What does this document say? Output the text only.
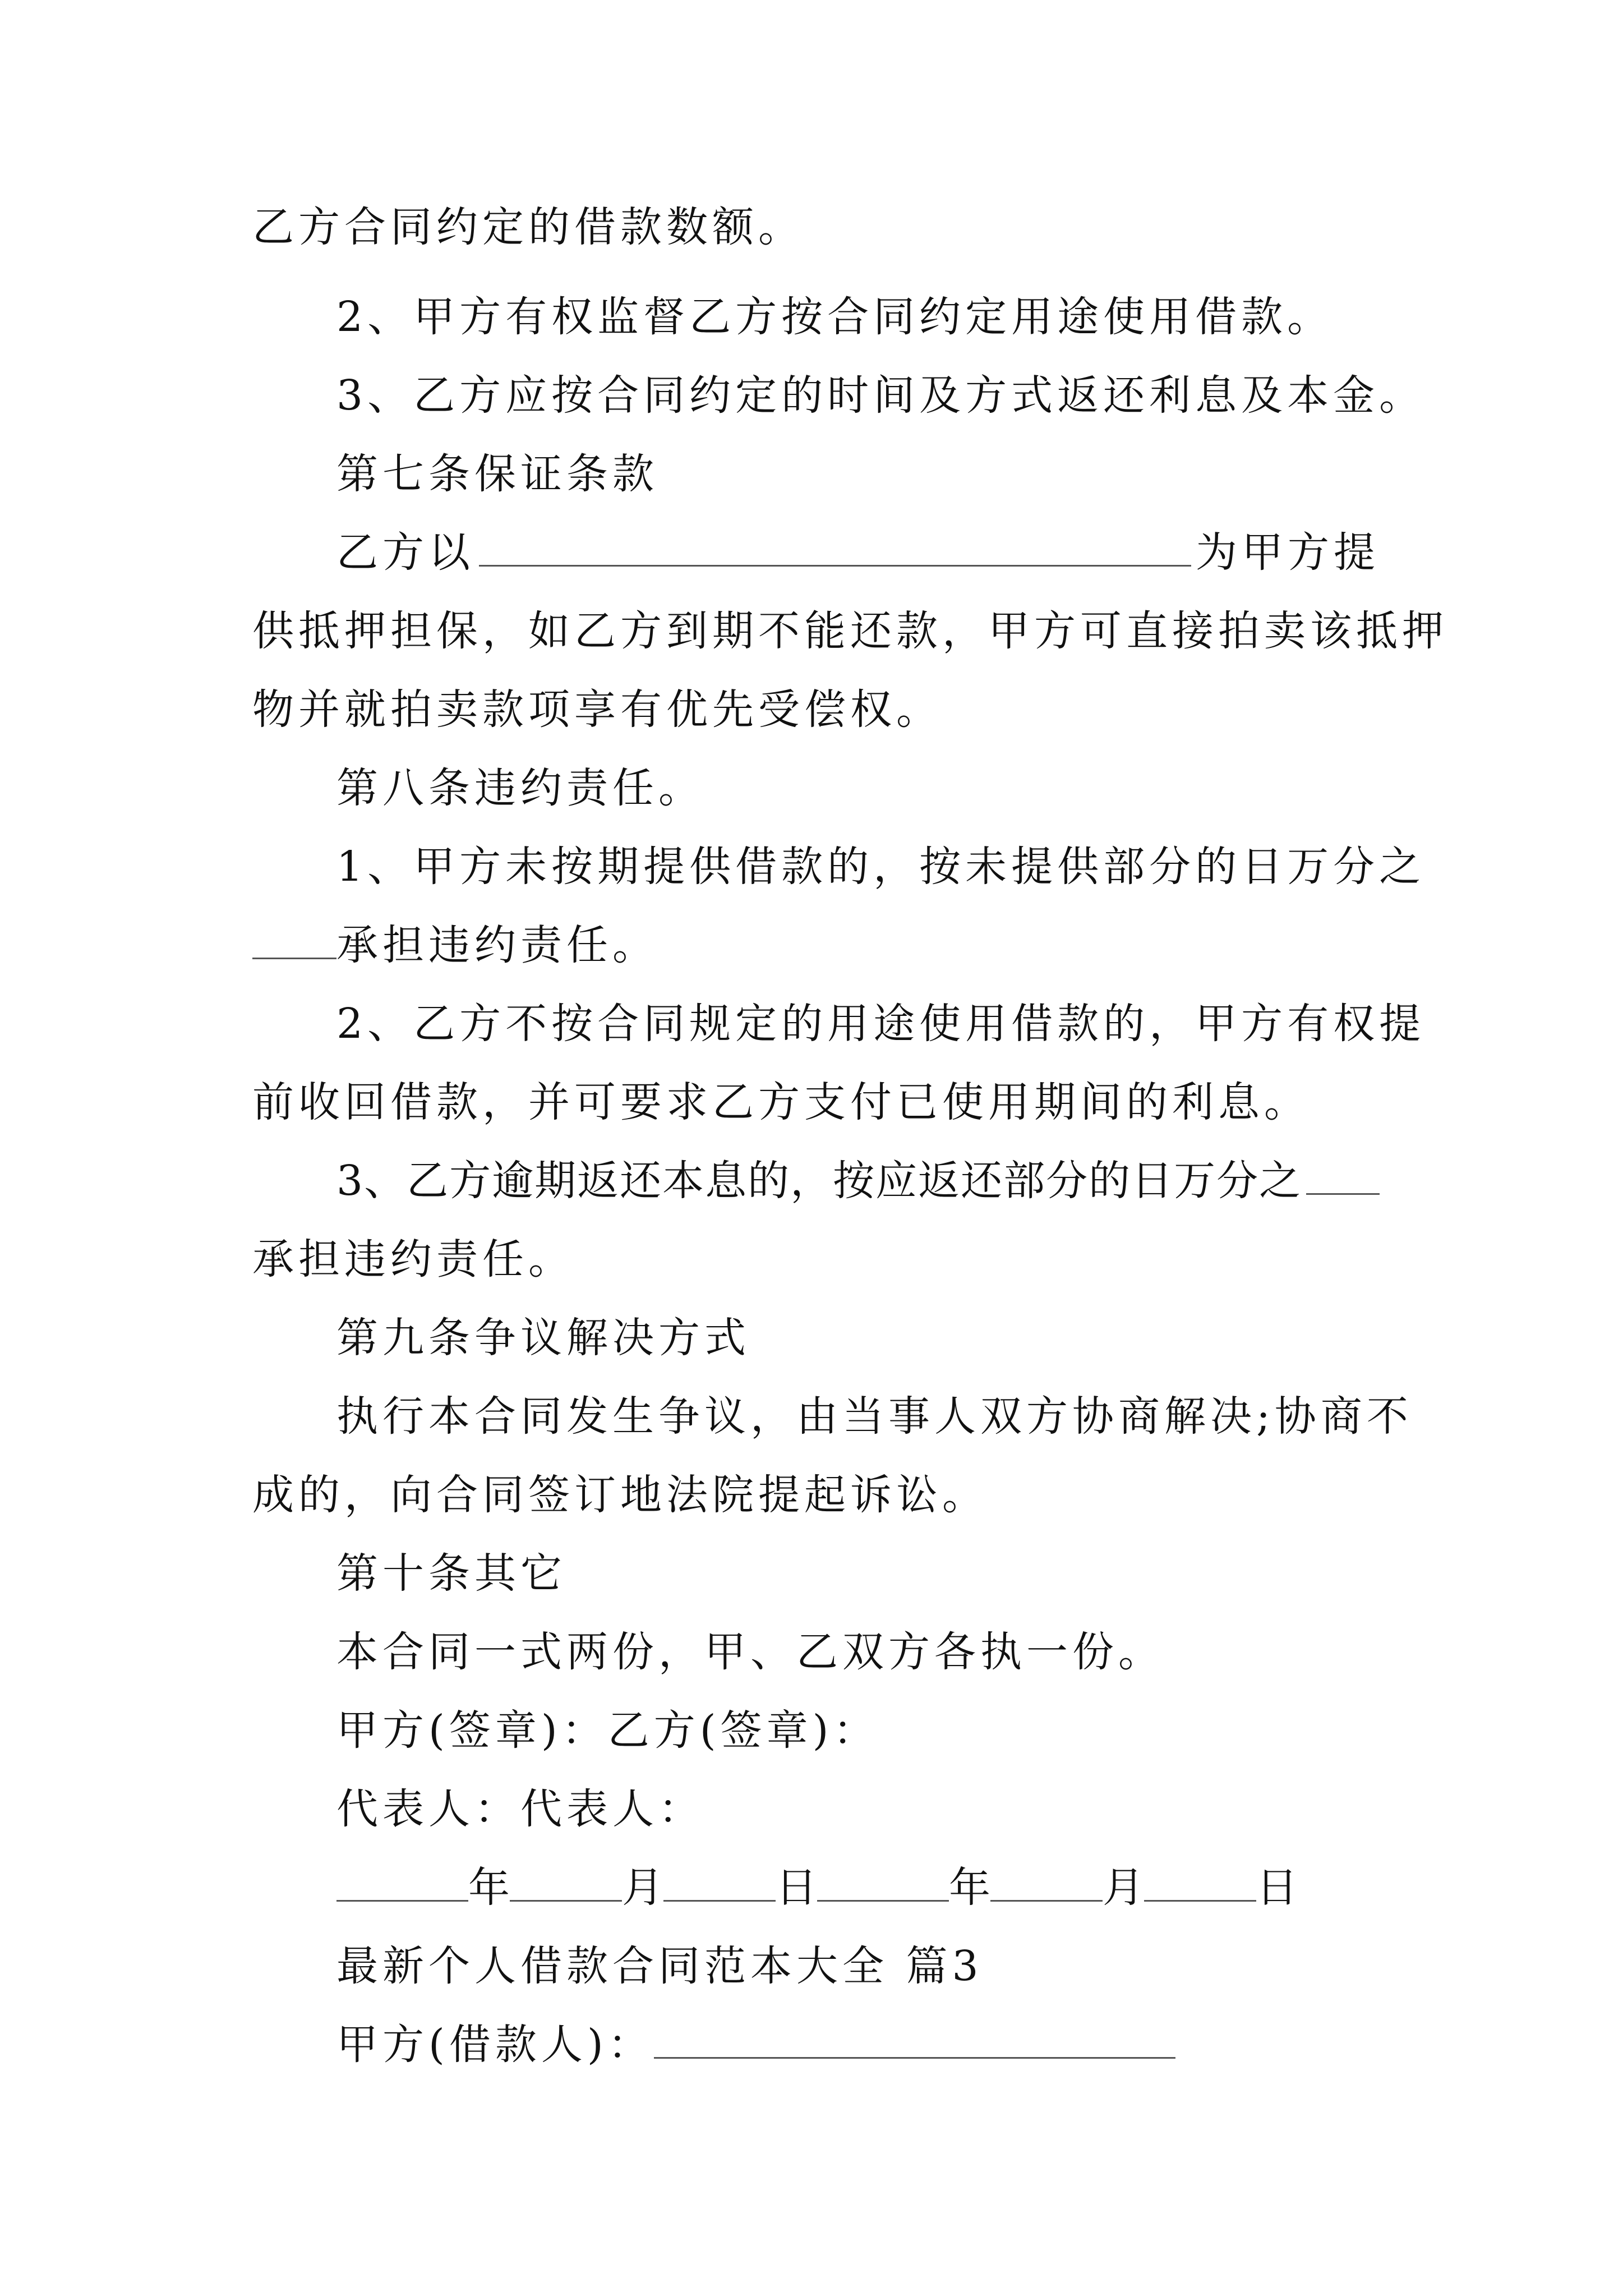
乙方合同约定的借款数额。
2、甲方有权监督乙方按合同约定用途使用借款。
3、乙方应按合同约定的时间及方式返还利息及本金。
第七条保证条款
乙方以	为甲方提
供抵押担保，如乙方到期不能还款，甲方可直接拍卖该抵押
物并就拍卖款项享有优先受偿权。
第八条违约责任。
1、甲方未按期提供借款的，按未提供部分的日万分之
承担违约责任。
2、乙方不按合同规定的用途使用借款的，甲方有权提
前收回借款，并可要求乙方支付已使用期间的利息。
3、乙方逾期返还本息的，按应返还部分的日万分之
承担违约责任。
第九条争议解决方式
执行本合同发生争议，由当事人双方协商解决;协商不
成的，向合同签订地法院提起诉讼。
第十条其它
本合同一式两份，甲、乙双方各执一份。
甲方(签章)：乙方(签章)：
代表人：代表人：
年	月	日	年	月	日
最新个人借款合同范本大全 篇3
甲方(借款人)：
